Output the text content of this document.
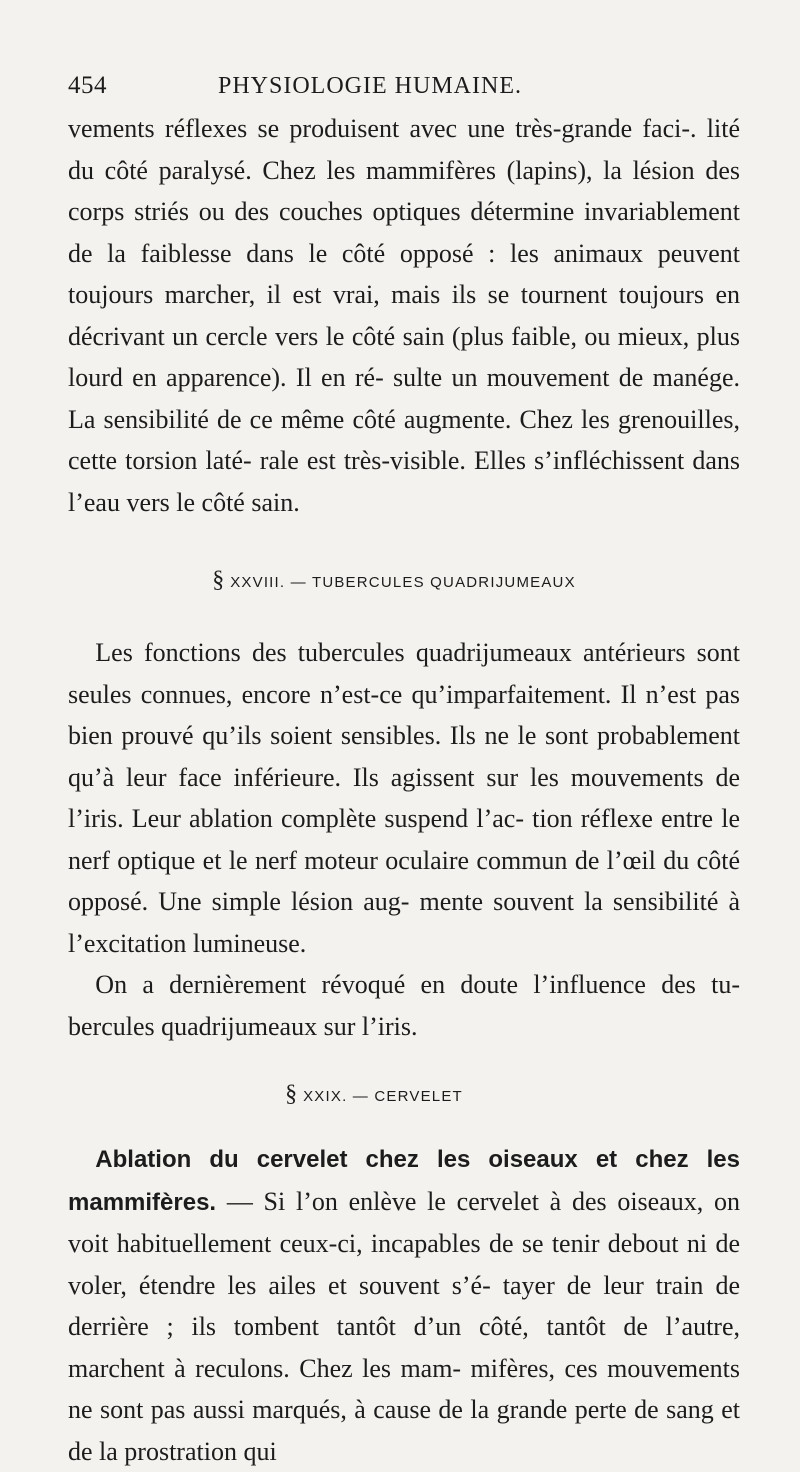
454	PHYSIOLOGIE HUMAINE.

vements réflexes se produisent avec une très-grande faci-. lité du côté paralysé. Chez les mammifères (lapins), la lésion des corps striés ou des couches optiques détermine invariablement de la faiblesse dans le côté opposé : les animaux peuvent toujours marcher, il est vrai, mais ils se tournent toujours en décrivant un cercle vers le côté sain (plus faible, ou mieux, plus lourd en apparence). Il en ré- sulte un mouvement de manége. La sensibilité de ce même côté augmente. Chez les grenouilles, cette torsion laté- rale est très-visible. Elles s’infléchissent dans l’eau vers le côté sain.

§ XXVIII. — TUBERCULES QUADRIJUMEAUX

Les fonctions des tubercules quadrijumeaux antérieurs sont seules connues, encore n’est-ce qu’imparfaitement. Il n’est pas bien prouvé qu’ils soient sensibles. Ils ne le sont probablement qu’à leur face inférieure. Ils agissent sur les mouvements de l’iris. Leur ablation complète suspend l’ac- tion réflexe entre le nerf optique et le nerf moteur oculaire commun de l’œil du côté opposé. Une simple lésion aug- mente souvent la sensibilité à l’excitation lumineuse.

On a dernièrement révoqué en doute l’influence des tu- bercules quadrijumeaux sur l’iris.

§ XXIX. — CERVELET

Ablation du cervelet chez les oiseaux et chez les mammifères. — Si l’on enlève le cervelet à des oiseaux, on voit habituellement ceux-ci, incapables de se tenir debout ni de voler, étendre les ailes et souvent s’é- tayer de leur train de derrière ; ils tombent tantôt d’un côté, tantôt de l’autre, marchent à reculons. Chez les mam- mifères, ces mouvements ne sont pas aussi marqués, à cause de la grande perte de sang et de la prostration qui
